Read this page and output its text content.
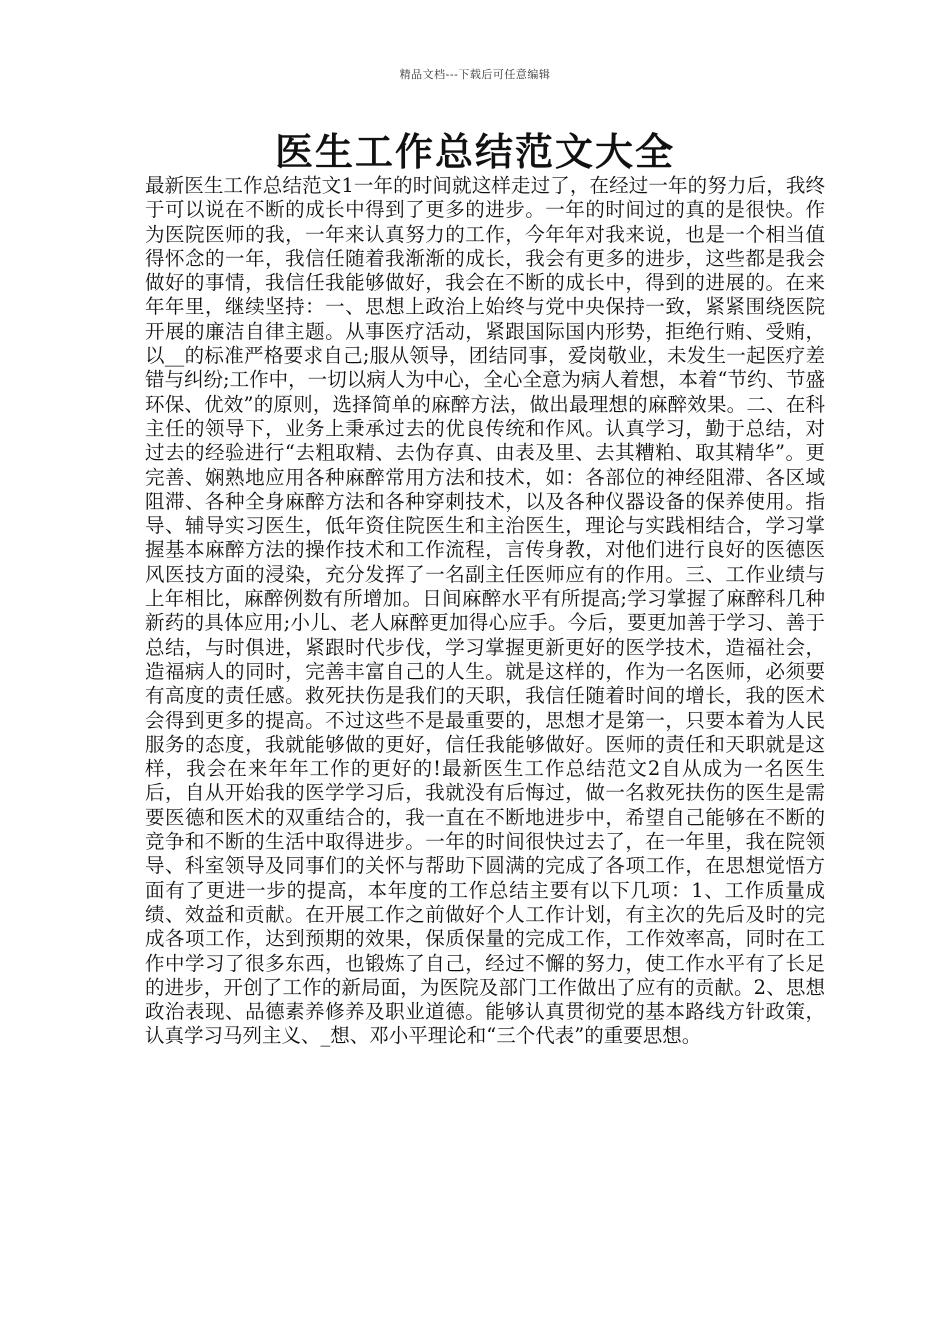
精品文档---下载后可任意编辑
医生工作总结范文大全

最新医生工作总结范文1一年的时间就这样走过了，在经过一年的努力后，我终于可以说在不断的成长中得到了更多的进步。一年的时间过的真的是很快。作为医院医师的我，一年来认真努力的工作，今年年对我来说，也是一个相当值得怀念的一年，我信任随着我渐渐的成长，我会有更多的进步，这些都是我会做好的事情，我信任我能够做好，我会在不断的成长中，得到的进展的。在来年年里，继续坚持：一、思想上政治上始终与党中央保持一致，紧紧围绕医院开展的廉洁自律主题。从事医疗活动，紧跟国际国内形势，拒绝行贿、受贿，以__的标准严格要求自己;服从领导，团结同事，爱岗敬业，未发生一起医疗差错与纠纷;工作中，一切以病人为中心，全心全意为病人着想，本着“节约、节盛环保、优效”的原则，选择简单的麻醉方法，做出最理想的麻醉效果。二、在科主任的领导下，业务上秉承过去的优良传统和作风。认真学习，勤于总结，对过去的经验进行“去粗取精、去伪存真、由表及里、去其糟粕、取其精华”。更完善、娴熟地应用各种麻醉常用方法和技术，如：各部位的神经阻滞、各区域阻滞、各种全身麻醉方法和各种穿刺技术，以及各种仪器设备的保养使用。指导、辅导实习医生，低年资住院医生和主治医生，理论与实践相结合，学习掌握基本麻醉方法的操作技术和工作流程，言传身教，对他们进行良好的医德医风医技方面的浸染，充分发挥了一名副主任医师应有的作用。三、工作业绩与上年相比，麻醉例数有所增加。日间麻醉水平有所提高;学习掌握了麻醉科几种新药的具体应用;小儿、老人麻醉更加得心应手。今后，要更加善于学习、善于总结，与时俱进，紧跟时代步伐，学习掌握更新更好的医学技术，造福社会，造福病人的同时，完善丰富自己的人生。就是这样的，作为一名医师，必须要有高度的责任感。救死扶伤是我们的天职，我信任随着时间的增长，我的医术会得到更多的提高。不过这些不是最重要的，思想才是第一，只要本着为人民服务的态度，我就能够做的更好，信任我能够做好。医师的责任和天职就是这样，我会在来年年工作的更好的!最新医生工作总结范文2自从成为一名医生后，自从开始我的医学学习后，我就没有后悔过，做一名救死扶伤的医生是需要医德和医术的双重结合的，我一直在不断地进步中，希望自己能够在不断的竞争和不断的生活中取得进步。一年的时间很快过去了，在一年里，我在院领导、科室领导及同事们的关怀与帮助下圆满的完成了各项工作，在思想觉悟方面有了更进一步的提高，本年度的工作总结主要有以下几项：1、工作质量成绩、效益和贡献。在开展工作之前做好个人工作计划，有主次的先后及时的完成各项工作，达到预期的效果，保质保量的完成工作，工作效率高，同时在工作中学习了很多东西，也锻炼了自己，经过不懈的努力，使工作水平有了长足的进步，开创了工作的新局面，为医院及部门工作做出了应有的贡献。2、思想政治表现、品德素养修养及职业道德。能够认真贯彻党的基本路线方针政策，认真学习马列主义、_想、邓小平理论和“三个代表”的重要思想。
